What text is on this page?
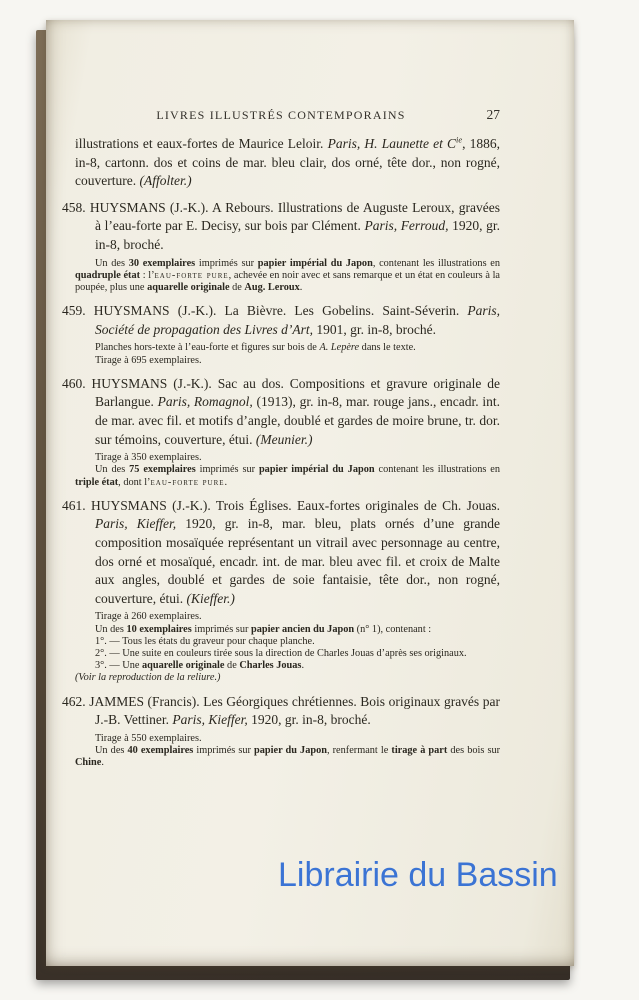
LIVRES ILLUSTRÉS CONTEMPORAINS	27

illustrations et eaux-fortes de Maurice Leloir. Paris, H. Launette et $C^{ie}$, 1886, in-8, cartonn. dos et coins de mar. bleu clair, dos orné, tête dor., non rogné, couverture. (Affolter.)

458. HUYSMANS (J.-K.). A Rebours. Illustrations de Auguste Leroux, gravées à l’eau-forte par E. Decisy, sur bois par Clément. Paris, Ferroud, 1920, gr. in-8, broché.

Un des 30 exemplaires imprimés sur papier impérial du Japon, contenant les illustrations en quadruple état : l’eau-forte pure, achevée en noir avec et sans remarque et un état en couleurs à la poupée, plus une aquarelle originale de Aug. Leroux.

459. HUYSMANS (J.-K.). La Bièvre. Les Gobelins. Saint-Séverin. Paris, Société de propagation des Livres d’Art, 1901, gr. in-8, broché.

Planches hors-texte à l’eau-forte et figures sur bois de A. Lepère dans le texte.

Tirage à 695 exemplaires.

460. HUYSMANS (J.-K.). Sac au dos. Compositions et gravure originale de Barlangue. Paris, Romagnol, (1913), gr. in-8, mar. rouge jans., encadr. int. de mar. avec fil. et motifs d’angle, doublé et gardes de moire brune, tr. dor. sur témoins, couverture, étui. (Meunier.)

Tirage à 350 exemplaires.

Un des 75 exemplaires imprimés sur papier impérial du Japon contenant les illustrations en triple état, dont l’eau-forte pure.

461. HUYSMANS (J.-K.). Trois Églises. Eaux-fortes originales de Ch. Jouas. Paris, Kieffer, 1920, gr. in-8, mar. bleu, plats ornés d’une grande composition mosaïquée représentant un vitrail avec personnage au centre, dos orné et mosaïqué, encadr. int. de mar. bleu avec fil. et croix de Malte aux angles, doublé et gardes de soie fantaisie, tête dor., non rogné, couverture, étui. (Kieffer.)

Tirage à 260 exemplaires.

Un des 10 exemplaires imprimés sur papier ancien du Japon (n° 1), contenant :

1°. — Tous les états du graveur pour chaque planche.

2°. — Une suite en couleurs tirée sous la direction de Charles Jouas d’après ses originaux.

3°. — Une aquarelle originale de Charles Jouas.

(Voir la reproduction de la reliure.)

462. JAMMES (Francis). Les Géorgiques chrétiennes. Bois originaux gravés par J.-B. Vettiner. Paris, Kieffer, 1920, gr. in-8, broché.

Tirage à 550 exemplaires.

Un des 40 exemplaires imprimés sur papier du Japon, renfermant le tirage à part des bois sur Chine.

Librairie du Bassin
